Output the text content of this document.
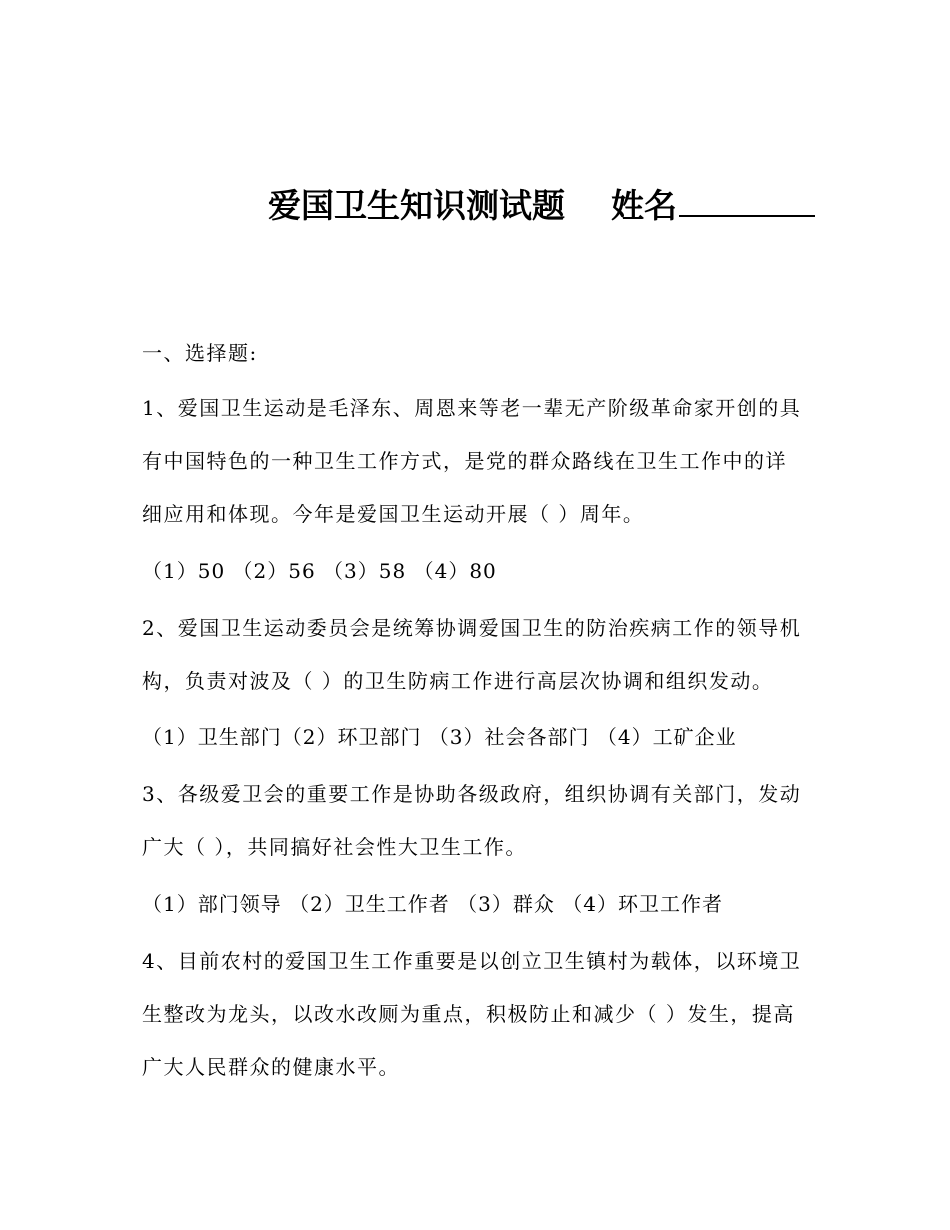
爱国卫生知识测试题 姓名
一、选择题:
1、爱国卫生运动是毛泽东、周恩来等老一辈无产阶级革命家开创的具
有中国特色的一种卫生工作方式，是党的群众路线在卫生工作中的详
细应用和体现。今年是爱国卫生运动开展（ ）周年。
（1）50 （2）56 （3）58 （4）80
2、爱国卫生运动委员会是统筹协调爱国卫生的防治疾病工作的领导机
构，负责对波及（ ）的卫生防病工作进行高层次协调和组织发动。
（1）卫生部门（2）环卫部门 （3）社会各部门 （4）工矿企业
3、各级爱卫会的重要工作是协助各级政府，组织协调有关部门，发动
广大（ ），共同搞好社会性大卫生工作。
（1）部门领导 （2）卫生工作者 （3）群众 （4）环卫工作者
4、目前农村的爱国卫生工作重要是以创立卫生镇村为载体，以环境卫
生整改为龙头，以改水改厕为重点，积极防止和减少（ ）发生，提高
广大人民群众的健康水平。
